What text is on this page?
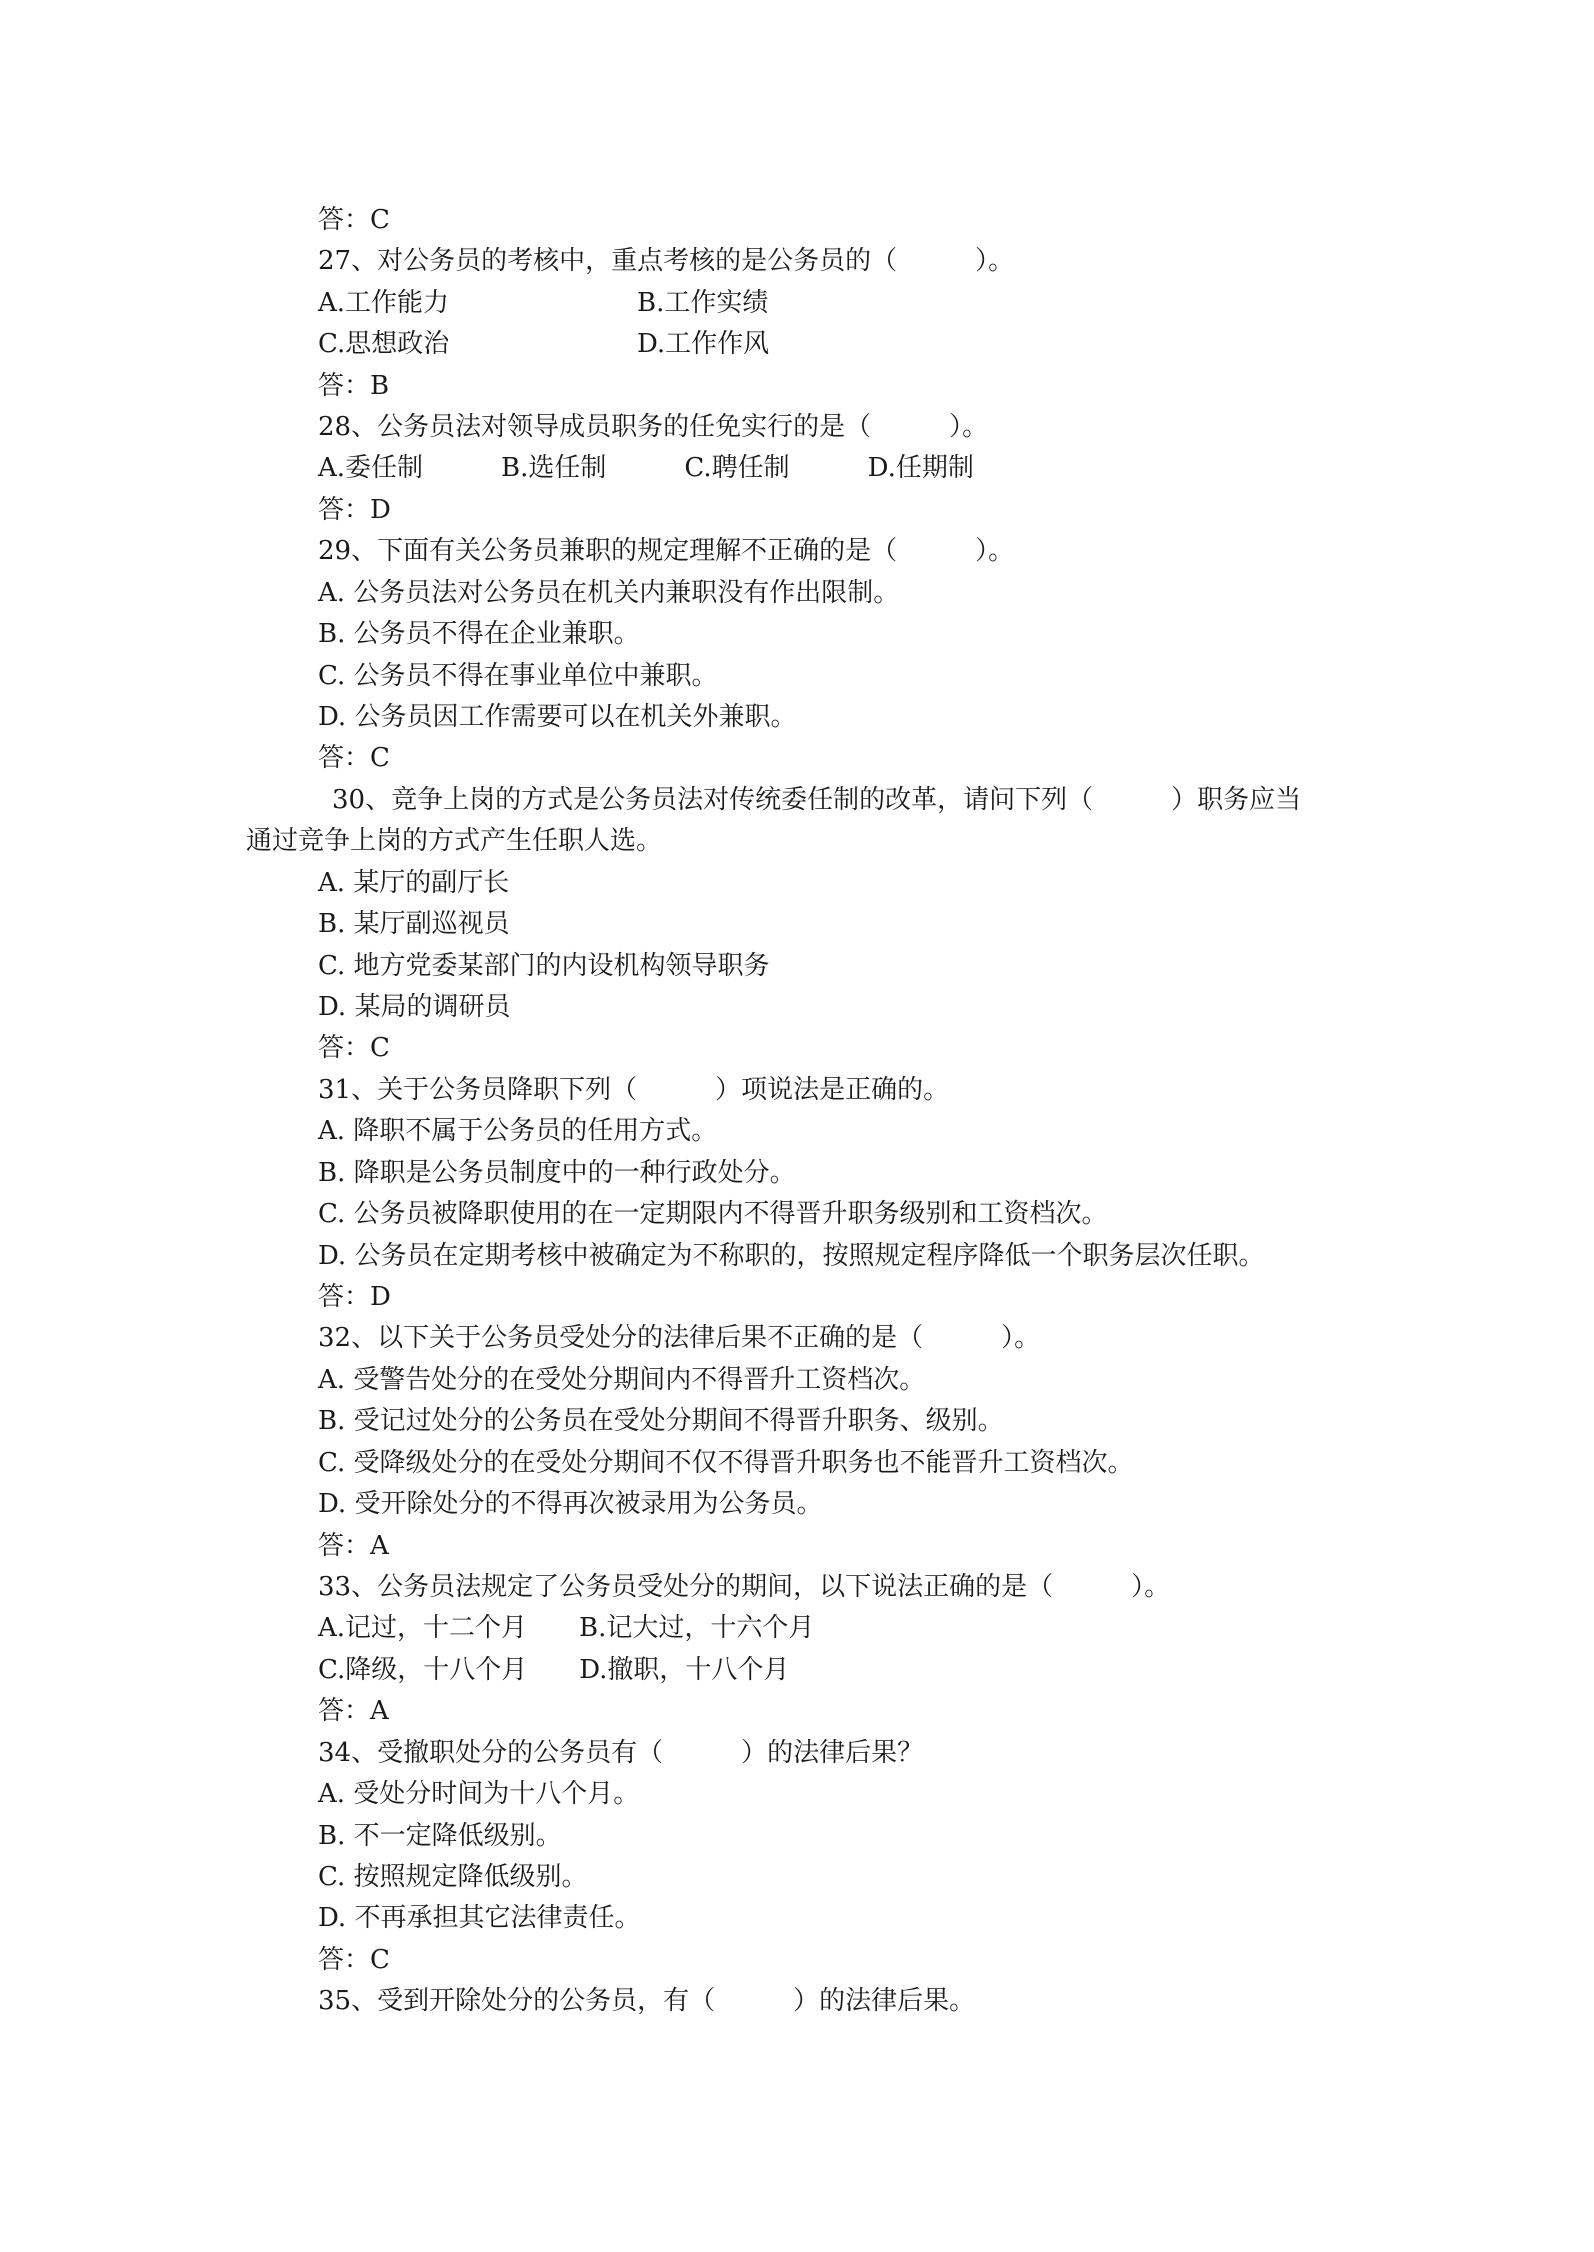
答：C
27、对公务员的考核中，重点考核的是公务员的（　　　）。
A.工作能力	B.工作实绩
C.思想政治	D.工作作风
答：B
28、公务员法对领导成员职务的任免实行的是（　　　）。
A.委任制　　　B.选任制　　　C.聘任制　　　D.任期制
答：D
29、下面有关公务员兼职的规定理解不正确的是（　　　）。
A. 公务员法对公务员在机关内兼职没有作出限制。
B. 公务员不得在企业兼职。
C. 公务员不得在事业单位中兼职。
D. 公务员因工作需要可以在机关外兼职。
答：C
30、竞争上岗的方式是公务员法对传统委任制的改革，请问下列（　　　）职务应当
通过竞争上岗的方式产生任职人选。
A. 某厅的副厅长
B. 某厅副巡视员
C. 地方党委某部门的内设机构领导职务
D. 某局的调研员
答：C
31、关于公务员降职下列（　　　）项说法是正确的。
A. 降职不属于公务员的任用方式。
B. 降职是公务员制度中的一种行政处分。
C. 公务员被降职使用的在一定期限内不得晋升职务级别和工资档次。
D. 公务员在定期考核中被确定为不称职的，按照规定程序降低一个职务层次任职。
答：D
32、以下关于公务员受处分的法律后果不正确的是（　　　）。
A. 受警告处分的在受处分期间内不得晋升工资档次。
B. 受记过处分的公务员在受处分期间不得晋升职务、级别。
C. 受降级处分的在受处分期间不仅不得晋升职务也不能晋升工资档次。
D. 受开除处分的不得再次被录用为公务员。
答：A
33、公务员法规定了公务员受处分的期间，以下说法正确的是（　　　）。
A.记过，十二个月　　B.记大过，十六个月
C.降级，十八个月　　D.撤职，十八个月
答：A
34、受撤职处分的公务员有（　　　）的法律后果？
A. 受处分时间为十八个月。
B. 不一定降低级别。
C. 按照规定降低级别。
D. 不再承担其它法律责任。
答：C
35、受到开除处分的公务员，有（　　　）的法律后果。
